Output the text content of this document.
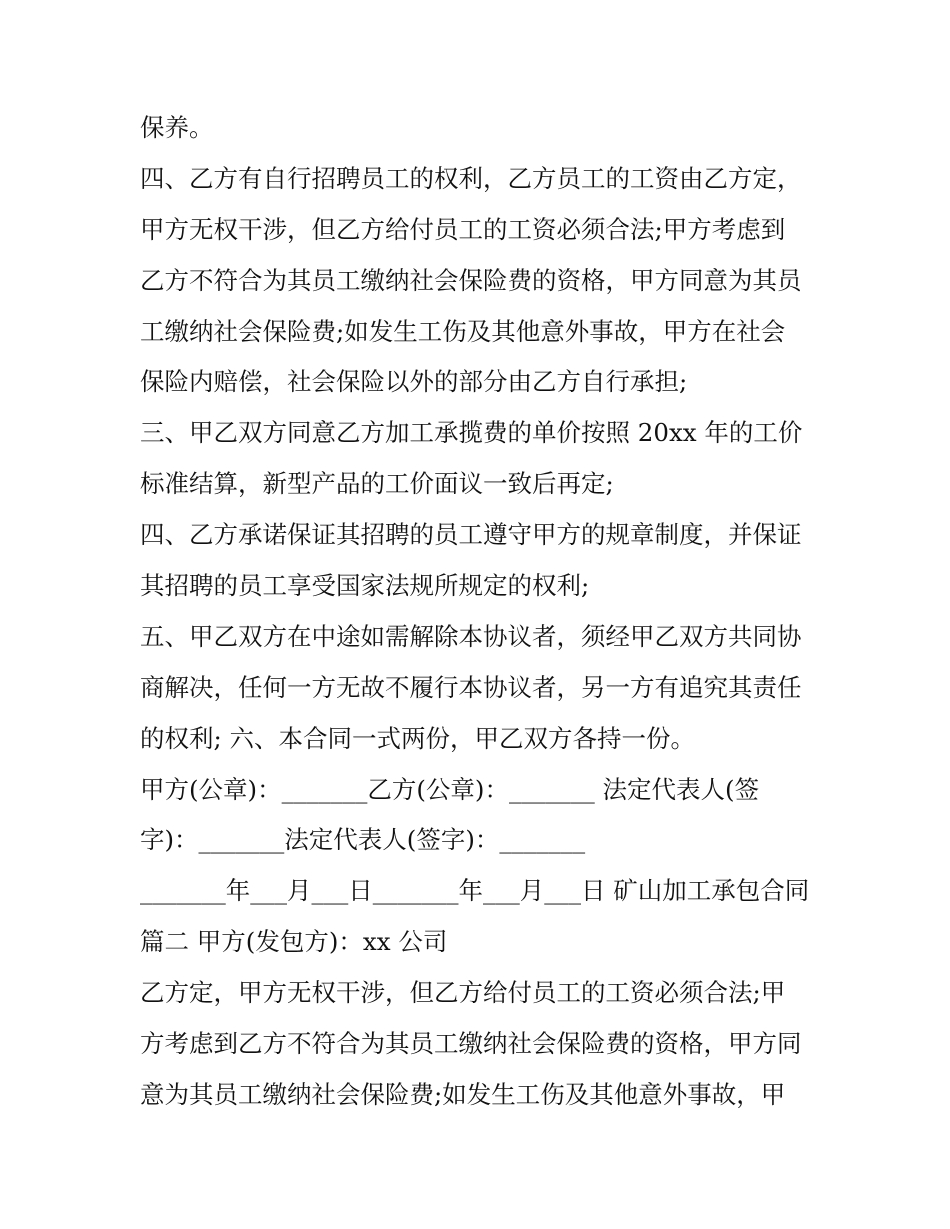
保养。
四、乙方有自行招聘员工的权利，乙方员工的工资由乙方定，
甲方无权干涉，但乙方给付员工的工资必须合法;甲方考虑到
乙方不符合为其员工缴纳社会保险费的资格，甲方同意为其员
工缴纳社会保险费;如发生工伤及其他意外事故，甲方在社会
保险内赔偿，社会保险以外的部分由乙方自行承担;
三、甲乙双方同意乙方加工承揽费的单价按照 20xx 年的工价
标准结算，新型产品的工价面议一致后再定;
四、乙方承诺保证其招聘的员工遵守甲方的规章制度，并保证
其招聘的员工享受国家法规所规定的权利;
五、甲乙双方在中途如需解除本协议者，须经甲乙双方共同协
商解决，任何一方无故不履行本协议者，另一方有追究其责任
的权利; 六、本合同一式两份，甲乙双方各持一份。
甲方(公章)：_______乙方(公章)：_______ 法定代表人(签
字)：_______法定代表人(签字)：_______
_______年___月___日_______年___月___日 矿山加工承包合同
篇二 甲方(发包方)：xx 公司
乙方定，甲方无权干涉，但乙方给付员工的工资必须合法;甲
方考虑到乙方不符合为其员工缴纳社会保险费的资格，甲方同
意为其员工缴纳社会保险费;如发生工伤及其他意外事故，甲
